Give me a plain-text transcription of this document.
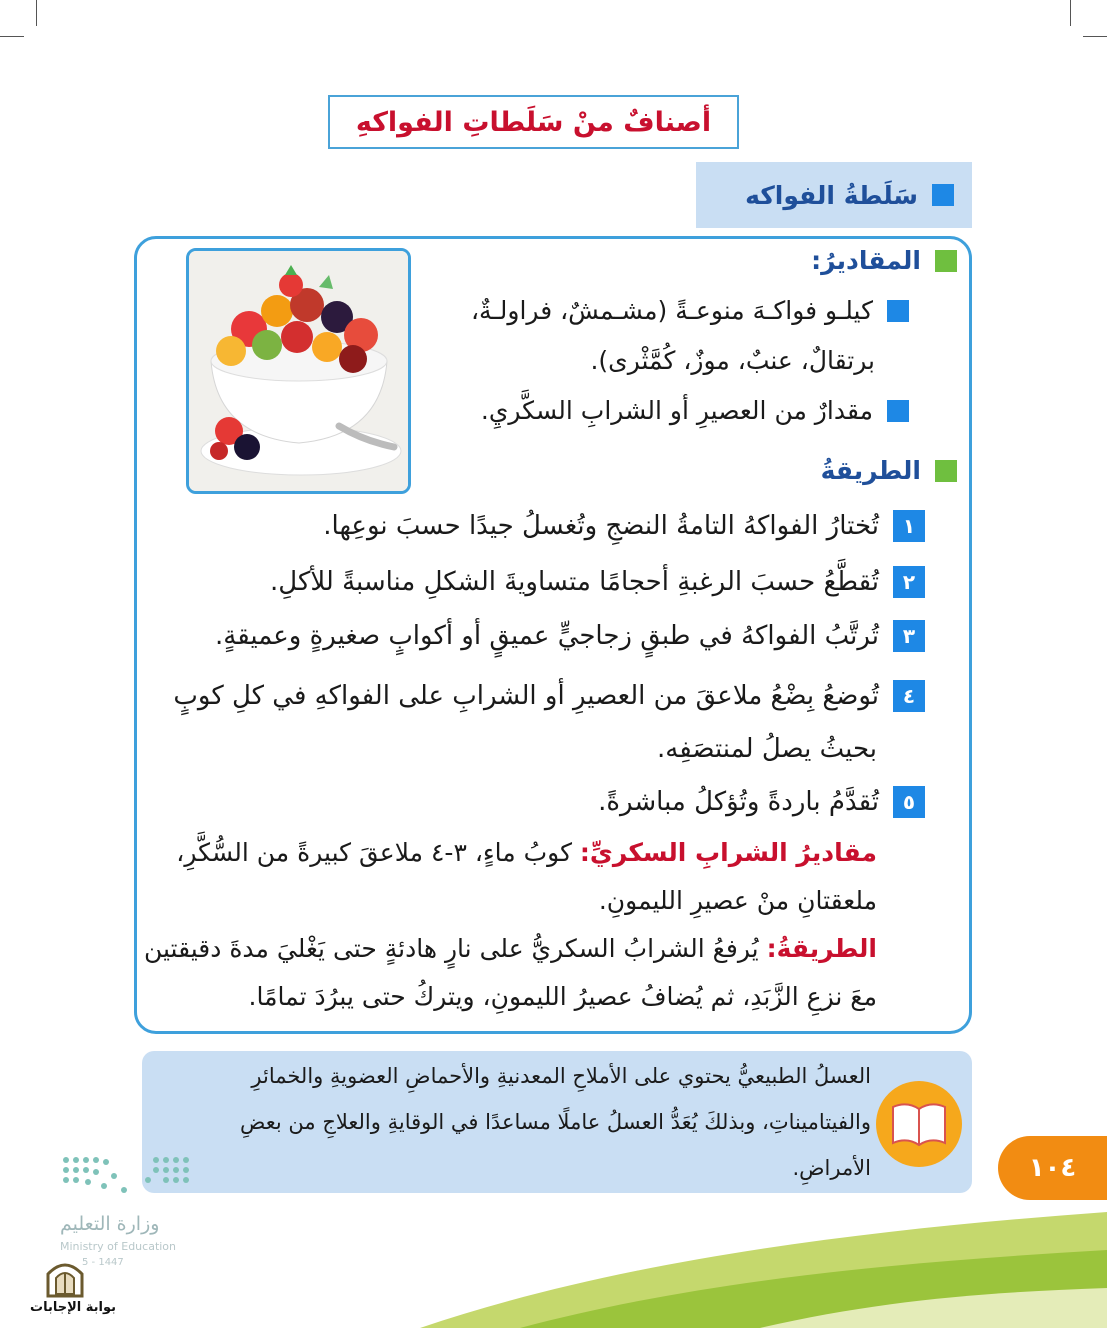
أصنافٌ منْ سَلَطاتِ الفواكهِ
سَلَطةُ الفواكه
المقاديرُ:
كيلـو فواكـهَ منوعـةً (مشـمشٌ، فراولـةٌ،
برتقالٌ، عنبٌ، موزٌ، كُمَّثْرى).
مقدارٌ من العصيرِ أو الشرابِ السكَّريِ.
الطريقةُ
١
تُختارُ الفواكهُ التامةُ النضجِ وتُغسلُ جيدًا حسبَ نوعِها.
٢
تُقطَّعُ حسبَ الرغبةِ أحجامًا متساويةَ الشكلِ مناسبةً للأكلِ.
٣
تُرتَّبُ الفواكهُ في طبقٍ زجاجيٍّ عميقٍ أو أكوابٍ صغيرةٍ وعميقةٍ.
٤
تُوضعُ بِضْعُ ملاعقَ من العصيرِ أو الشرابِ على الفواكهِ في كلِ كوبٍ
بحيثُ يصلُ لمنتصَفِه.
٥
تُقدَّمُ باردةً وتُؤكلُ مباشرةً.
مقاديرُ الشرابِ السكريِّ: كوبُ ماءٍ، ٣-٤ ملاعقَ كبيرةً من السُّكَّرِ،
ملعقتانِ منْ عصيرِ الليمونِ.
الطريقةُ: يُرفعُ الشرابُ السكريُّ على نارٍ هادئةٍ حتى يَغْليَ مدةَ دقيقتين
معَ نزعِ الزَّبَدِ، ثم يُضافُ عصيرُ الليمونِ، ويتركُ حتى يبرُدَ تمامًا.
العسلُ الطبيعيُّ يحتوي على الأملاحِ المعدنيةِ والأحماضِ العضويةِ والخمائرِ
والفيتاميناتِ، وبذلكَ يُعَدُّ العسلُ عاملًا مساعدًا في الوقايةِ والعلاجِ من بعضِ
الأمراضِ.	١٠٤
وزارة التعليم
Ministry of Education
5 - 1447
بوابة الإجابات
